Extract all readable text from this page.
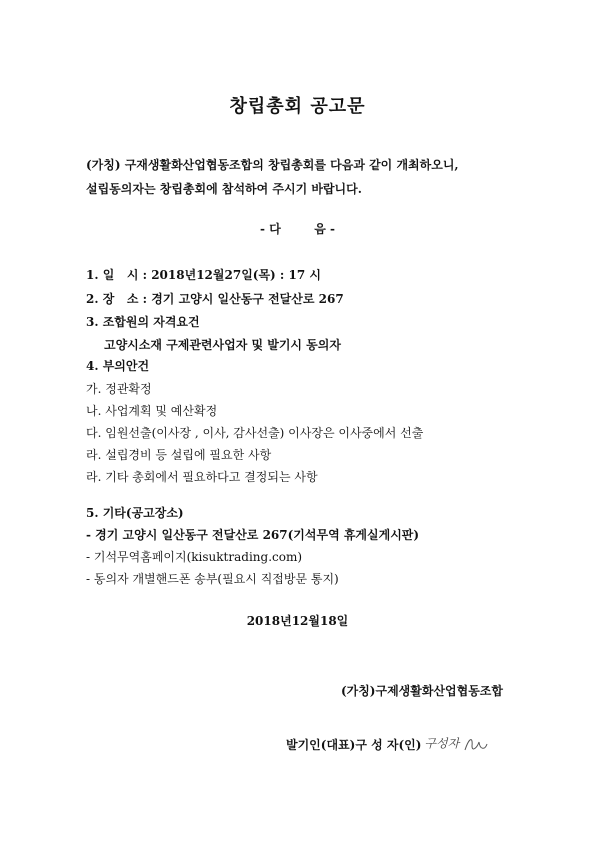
창립총회 공고문
(가칭) 구재생활화산업협동조합의 창립총회를 다음과 같이 개최하오니,
설립동의자는 창립총회에 참석하여 주시기 바랍니다.
- 다        음 -
1. 일   시 : 2018년12월27일(목) : 17 시
2. 장   소 : 경기 고양시 일산동구 전달산로 267
3. 조합원의 자격요건
고양시소재 구제관련사업자 및 발기시 동의자
4. 부의안건
가. 정관확정
나. 사업계획 및 예산확정
다. 임원선출(이사장 , 이사, 감사선출) 이사장은 이사중에서 선출
라. 설립경비 등 설립에 필요한 사항
라. 기타 총회에서 필요하다고 결정되는 사항
5. 기타(공고장소)
- 경기 고양시 일산동구 전달산로 267(기석무역 휴게실게시판)
- 기석무역홈페이지(kisuktrading.com)
- 동의자 개별핸드폰 송부(필요시 직접방문 통지)
2018년12월18일
(가칭)구제생활화산업협동조합
발기인(대표)구 성 자(인) 구성자
